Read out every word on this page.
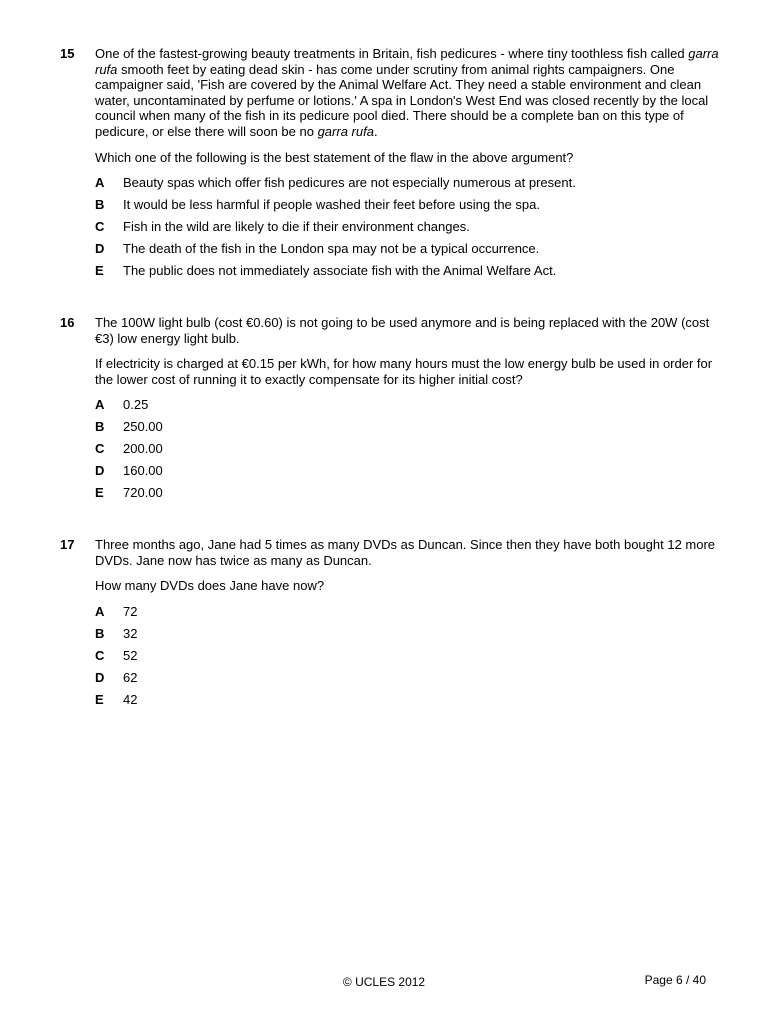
15 One of the fastest-growing beauty treatments in Britain, fish pedicures - where tiny toothless fish called garra rufa smooth feet by eating dead skin - has come under scrutiny from animal rights campaigners. One campaigner said, 'Fish are covered by the Animal Welfare Act. They need a stable environment and clean water, uncontaminated by perfume or lotions.' A spa in London's West End was closed recently by the local council when many of the fish in its pedicure pool died. There should be a complete ban on this type of pedicure, or else there will soon be no garra rufa.

Which one of the following is the best statement of the flaw in the above argument?

A	Beauty spas which offer fish pedicures are not especially numerous at present.
B	It would be less harmful if people washed their feet before using the spa.
C	Fish in the wild are likely to die if their environment changes.
D	The death of the fish in the London spa may not be a typical occurrence.
E	The public does not immediately associate fish with the Animal Welfare Act.
16 The 100W light bulb (cost €0.60) is not going to be used anymore and is being replaced with the 20W (cost €3) low energy light bulb.

If electricity is charged at €0.15 per kWh, for how many hours must the low energy bulb be used in order for the lower cost of running it to exactly compensate for its higher initial cost?

A	0.25
B	250.00
C	200.00
D	160.00
E	720.00
17 Three months ago, Jane had 5 times as many DVDs as Duncan. Since then they have both bought 12 more DVDs. Jane now has twice as many as Duncan.

How many DVDs does Jane have now?

A	72
B	32
C	52
D	62
E	42
© UCLES 2012	Page 6 / 40
